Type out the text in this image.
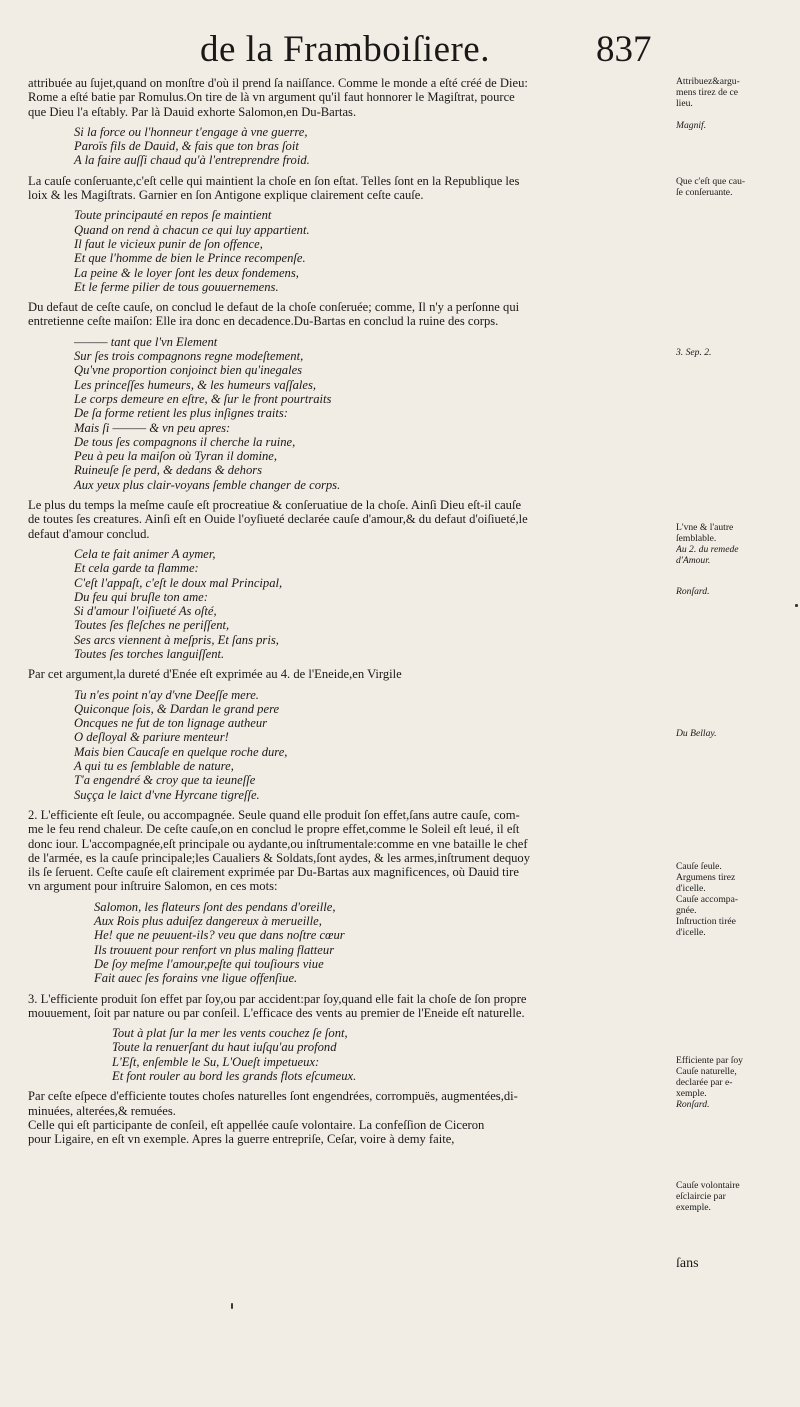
de la Framboiſiere.	837
attribuée au ſujet,quand on monſtre d'où il prend ſa naiſſance. Comme le monde a eſté créé de Dieu:
Rome a eſté batie par Romulus.On tire de là vn argument qu'il faut honnorer le Magiſtrat, pource
que Dieu l'a eſtably. Par là Dauid exhorte Salomon,en Du-Bartas.
Si la force ou l'honneur t'engage à vne guerre,
Paroïs fils de Dauid, & fais que ton bras ſoit
A la faire auſſi chaud qu'à l'entreprendre froid.
La cauſe conſeruante,c'eſt celle qui maintient la choſe en ſon eſtat. Telles ſont en la Republique les
loix & les Magiſtrats. Garnier en ſon Antigone explique clairement ceſte cauſe.
Toute principauté en repos ſe maintient
Quand on rend à chacun ce qui luy appartient.
Il faut le vicieux punir de ſon offence,
Et que l'homme de bien le Prince recompenſe.
La peine & le loyer ſont les deux fondemens,
Et le ferme pilier de tous gouuernemens.
Du defaut de ceſte cauſe, on conclud le defaut de la choſe conſeruée; comme, Il n'y a perſonne qui
entretienne ceſte maiſon: Elle ira donc en decadence.Du-Bartas en conclud la ruine des corps.
——— tant que l'vn Element
Sur ſes trois compagnons regne modeſtement,
Qu'vne proportion conjoinct bien qu'inegales
Les princeſſes humeurs, & les humeurs vaſſales,
Le corps demeure en eſtre, & ſur le front pourtraits
De ſa forme retient les plus inſignes traits:
Mais ſi ——— & vn peu apres:
De tous ſes compagnons il cherche la ruine,
Peu à peu la maiſon où Tyran il domine,
Ruineuſe ſe perd, & dedans & dehors
Aux yeux plus clair-voyans ſemble changer de corps.
Le plus du temps la meſme cauſe eſt procreatiue & conſeruatiue de la choſe. Ainſi Dieu eſt-il cauſe
de toutes ſes creatures. Ainſi eſt en Ouide l'oyſiueté declarée cauſe d'amour,& du defaut d'oiſiueté,le
defaut d'amour conclud.
Cela te fait animer A aymer,
Et cela garde ta flamme:
C'eſt l'appaſt, c'eſt le doux mal Principal,
Du feu qui bruſle ton ame:
Si d'amour l'oiſiueté As oſté,
Toutes ſes fleſches ne periſſent,
Ses arcs viennent à meſpris, Et ſans pris,
Toutes ſes torches languiſſent.
Par cet argument,la dureté d'Enée eſt exprimée au 4. de l'Eneide,en Virgile
Tu n'es point n'ay d'vne Deeſſe mere.
Quiconque ſois, & Dardan le grand pere
Oncques ne fut de ton lignage autheur
O deſloyal & pariure menteur!
Mais bien Caucaſe en quelque roche dure,
A qui tu es ſemblable de nature,
T'a engendré & croy que ta ieuneſſe
Suçça le laict d'vne Hyrcane tigreſſe.
2. L'efficiente eſt ſeule, ou accompagnée. Seule quand elle produit ſon effet,ſans autre cauſe, com-
me le feu rend chaleur. De ceſte cauſe,on en conclud le propre effet,comme le Soleil eſt leué, il eſt
donc iour. L'accompagnée,eſt principale ou aydante,ou inſtrumentale:comme en vne bataille le chef
de l'armée, es la cauſe principale;les Caualiers & Soldats,ſont aydes, & les armes,inſtrument dequoy
ils ſe ſeruent. Ceſte cauſe eſt clairement exprimée par Du-Bartas aux magnificences, où Dauid tire
vn argument pour inſtruire Salomon, en ces mots:
Salomon, les flateurs ſont des pendans d'oreille,
Aux Rois plus aduiſez dangereux à merueille,
He! que ne peuuent-ils? veu que dans noſtre cœur
Ils trouuent pour renfort vn plus maling flatteur
De ſoy meſme l'amour,peſte qui touſiours viue
Fait auec ſes forains vne ligue offenſiue.
3. L'efficiente produit ſon effet par ſoy,ou par accident:par ſoy,quand elle fait la choſe de ſon propre
mouuement, ſoit par nature ou par conſeil. L'efficace des vents au premier de l'Eneide eſt naturelle.
Tout à plat ſur la mer les vents couchez ſe ſont,
Toute la renuerſant du haut iuſqu'au profond
L'Eſt, enſemble le Su, L'Oueſt impetueux:
Et font rouler au bord les grands flots eſcumeux.
Par ceſte eſpece d'efficiente toutes choſes naturelles ſont engendrées, corrompuës, augmentées,di-
minuées, alterées,& remuées.
Celle qui eſt participante de conſeil, eſt appellée cauſe volontaire. La confeſſion de Ciceron
pour Ligaire, en eſt vn exemple. Apres la guerre entrepriſe, Ceſar, voire à demy faite,
Attribuez&argu-
mens tirez de ce
lieu.
Magnif.
Que c'eſt que cau-
ſe conſeruante.
3. Sep. 2.
L'vne & l'autre
ſemblable.
Au 2. du remede
d'Amour.
Ronſard.
Du Bellay.
Cauſe ſeule.
Argumens tirez
d'icelle.
Cauſe accompa-
gnée.
Inſtruction tirée
d'icelle.
Efficiente par ſoy
Cauſe naturelle,
declarée par e-
xemple.
Ronſard.
Cauſe volontaire
eſclaircie par
exemple.
ſans
